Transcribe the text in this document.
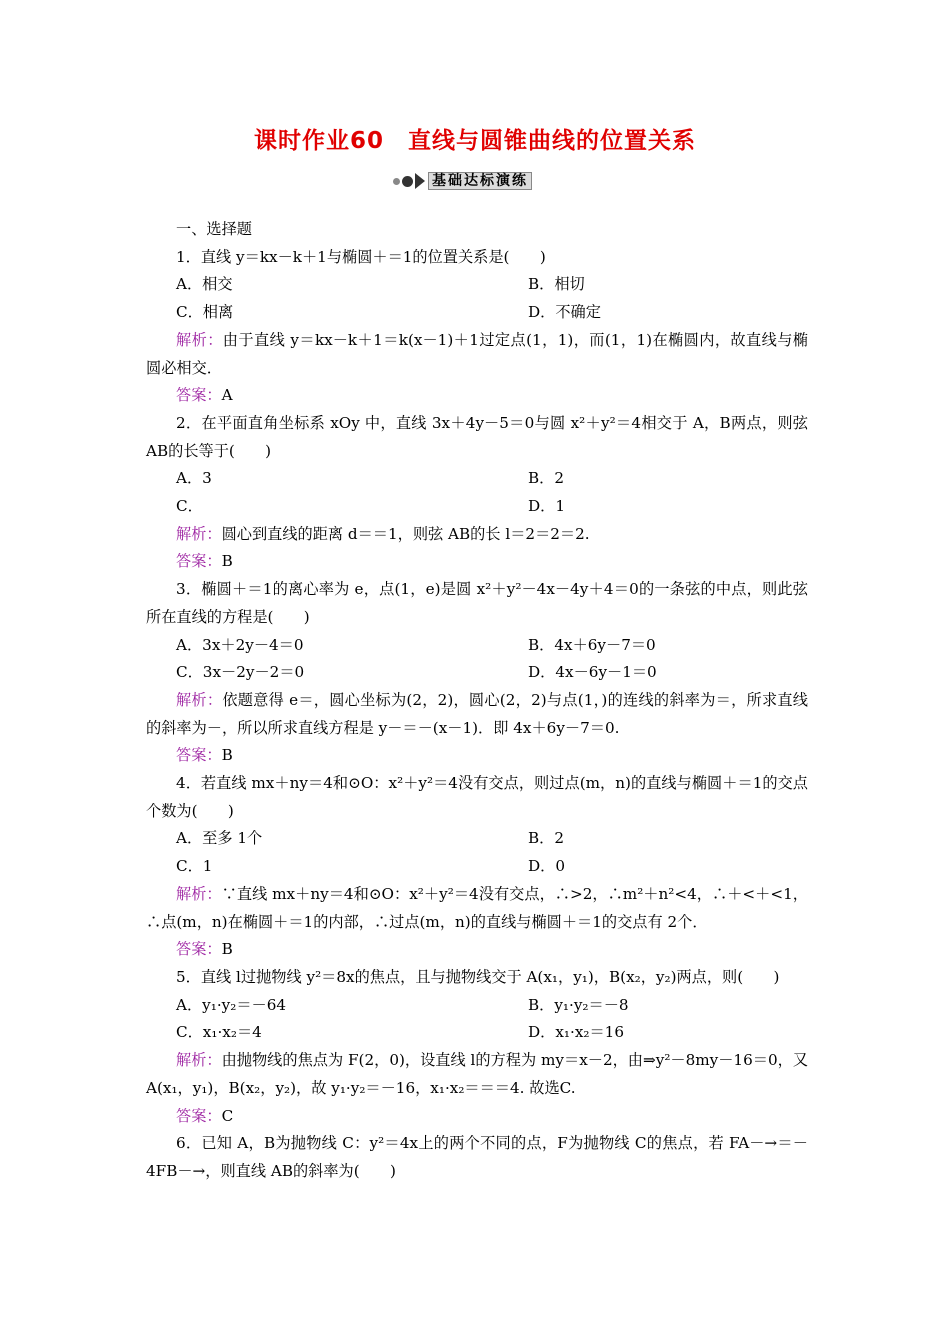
课时作业60　直线与圆锥曲线的位置关系
基础达标演练

一、选择题

1．直线 y＝kx－k＋1与椭圆＋＝1的位置关系是(　　)

A．相交	B．相切
C．相离	D．不确定

解析：由于直线 y＝kx－k＋1＝k(x－1)＋1过定点(1，1)，而(1，1)在椭圆内，故直线与椭圆必相交．

答案：A

2．在平面直角坐标系 xOy 中，直线 3x＋4y－5＝0与圆 x²＋y²＝4相交于 A，B两点，则弦 AB的长等于(　　)

A．3	B．2
C．	D．1

解析：圆心到直线的距离 d＝＝1，则弦 AB的长 l＝2＝2＝2.

答案：B

3．椭圆＋＝1的离心率为 e，点(1，e)是圆 x²＋y²－4x－4y＋4＝0的一条弦的中点，则此弦所在直线的方程是(　　)

A．3x＋2y－4＝0	B．4x＋6y－7＝0
C．3x－2y－2＝0	D．4x－6y－1＝0

解析：依题意得 e＝，圆心坐标为(2，2)，圆心(2，2)与点(1，)的连线的斜率为＝，所求直线的斜率为－，所以所求直线方程是 y－＝－(x－1)．即 4x＋6y－7＝0.

答案：B

4．若直线 mx＋ny＝4和⊙O：x²＋y²＝4没有交点，则过点(m，n)的直线与椭圆＋＝1的交点个数为(　　)

A．至多 1个	B．2
C．1	D．0

解析：∵直线 mx＋ny＝4和⊙O：x²＋y²＝4没有交点，∴>2，∴m²＋n²<4，∴＋<＋<1，∴点(m，n)在椭圆＋＝1的内部，∴过点(m，n)的直线与椭圆＋＝1的交点有 2个．

答案：B

5．直线 l过抛物线 y²＝8x的焦点，且与抛物线交于 A(x₁，y₁)，B(x₂，y₂)两点，则(　　)

A．y₁·y₂＝－64	B．y₁·y₂＝－8
C．x₁·x₂＝4	D．x₁·x₂＝16

解析：由抛物线的焦点为 F(2，0)，设直线 l的方程为 my＝x－2，由⇒y²－8my－16＝0，又 A(x₁，y₁)，B(x₂，y₂)，故 y₁·y₂＝－16，x₁·x₂＝＝＝4. 故选C.

答案：C

6．已知 A，B为抛物线 C：y²＝4x上的两个不同的点，F为抛物线 C的焦点，若 FA－→＝－4FB－→，则直线 AB的斜率为(　　)
